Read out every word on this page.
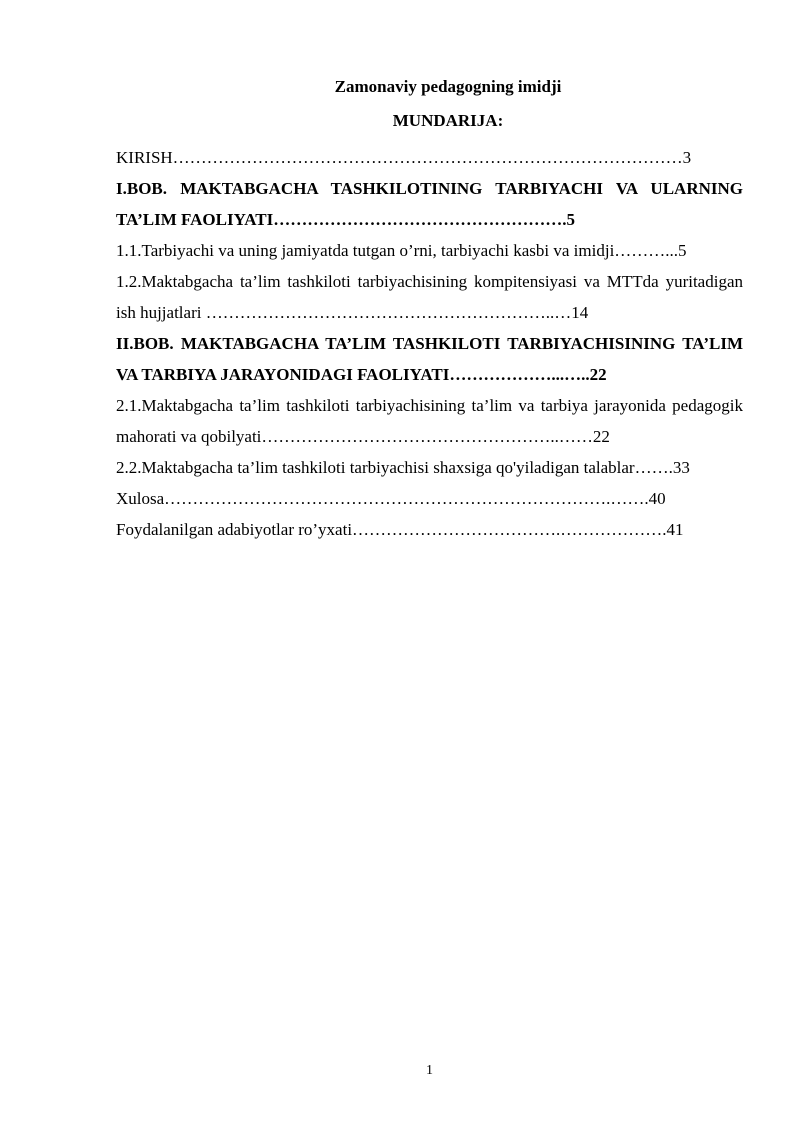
Zamonaviy pedagogning imidji
MUNDARIJA:

KIRISH………………………………………………………………………………3

I.BOB. MAKTABGACHA TASHKILOTINING TARBIYACHI VA ULARNING TA’LIM FAOLIYATI…………………………………………….5

1.1.Tarbiyachi va uning jamiyatda tutgan o’rni, tarbiyachi kasbi va imidji………...5

1.2.Maktabgacha ta’lim tashkiloti tarbiyachisining kompitensiyasi va MTTda yuritadigan ish hujjatlari ……………………………………………………..…14

II.BOB. MAKTABGACHA TA’LIM TASHKILOTI TARBIYACHISINING TA’LIM VA TARBIYA JARAYONIDAGI FAOLIYATI………………...…..22

2.1.Maktabgacha ta’lim tashkiloti tarbiyachisining ta’lim va tarbiya jarayonida pedagogik mahorati va qobilyati……………………………………………..……22

2.2.Maktabgacha ta’lim tashkiloti tarbiyachisi shaxsiga qo'yiladigan talablar…….33

Xulosa…………………………………………………………………….…….40

Foydalanilgan adabiyotlar ro’yxati……………………………….……………….41

1
